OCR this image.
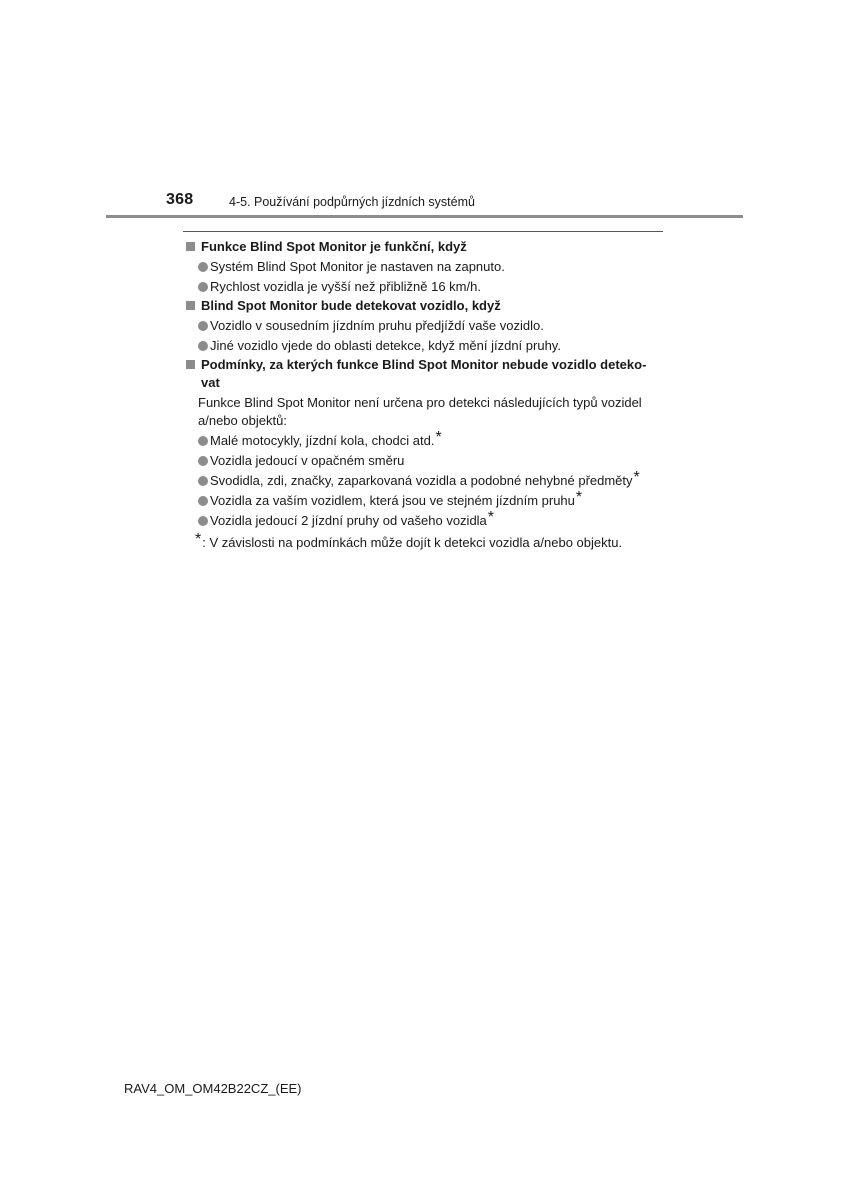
368	4-5. Používání podpůrných jízdních systémů
Funkce Blind Spot Monitor je funkční, když
Systém Blind Spot Monitor je nastaven na zapnuto.
Rychlost vozidla je vyšší než přibližně 16 km/h.
Blind Spot Monitor bude detekovat vozidlo, když
Vozidlo v sousedním jízdním pruhu předjíždí vaše vozidlo.
Jiné vozidlo vjede do oblasti detekce, když mění jízdní pruhy.
Podmínky, za kterých funkce Blind Spot Monitor nebude vozidlo deteko-
vat
Funkce Blind Spot Monitor není určena pro detekci následujících typů vozidel a/nebo objektů:
Malé motocykly, jízdní kola, chodci atd.*
Vozidla jedoucí v opačném směru
Svodidla, zdi, značky, zaparkovaná vozidla a podobné nehybné předměty*
Vozidla za vaším vozidlem, která jsou ve stejném jízdním pruhu*
Vozidla jedoucí 2 jízdní pruhy od vašeho vozidla*
*: V závislosti na podmínkách může dojít k detekci vozidla a/nebo objektu.
RAV4_OM_OM42B22CZ_(EE)
